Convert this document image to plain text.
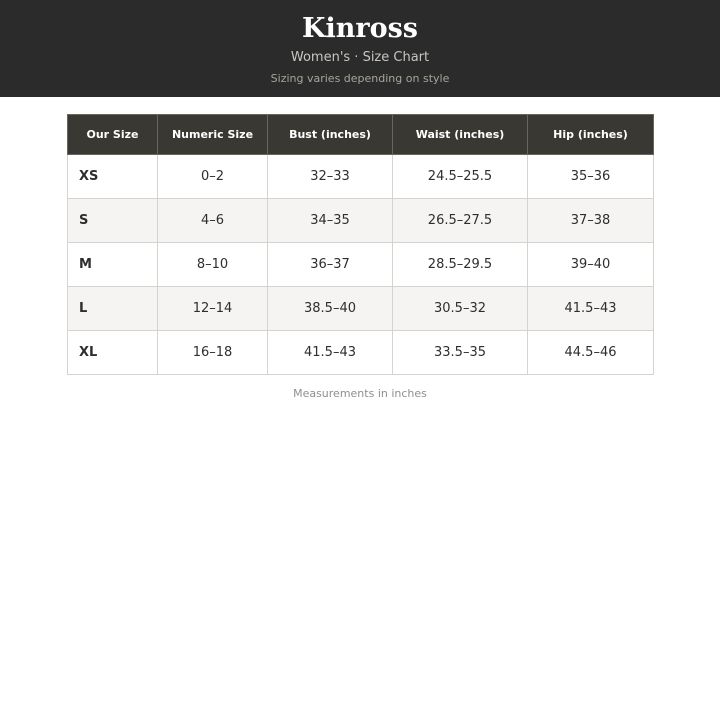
Kinross
Women's · Size Chart
Sizing varies depending on style
Our Size	Numeric Size	Bust (inches)	Waist (inches)	Hip (inches)
XS	0–2	32–33	24.5–25.5	35–36
S	4–6	34–35	26.5–27.5	37–38
M	8–10	36–37	28.5–29.5	39–40
L	12–14	38.5–40	30.5–32	41.5–43
XL	16–18	41.5–43	33.5–35	44.5–46
Measurements in inches
